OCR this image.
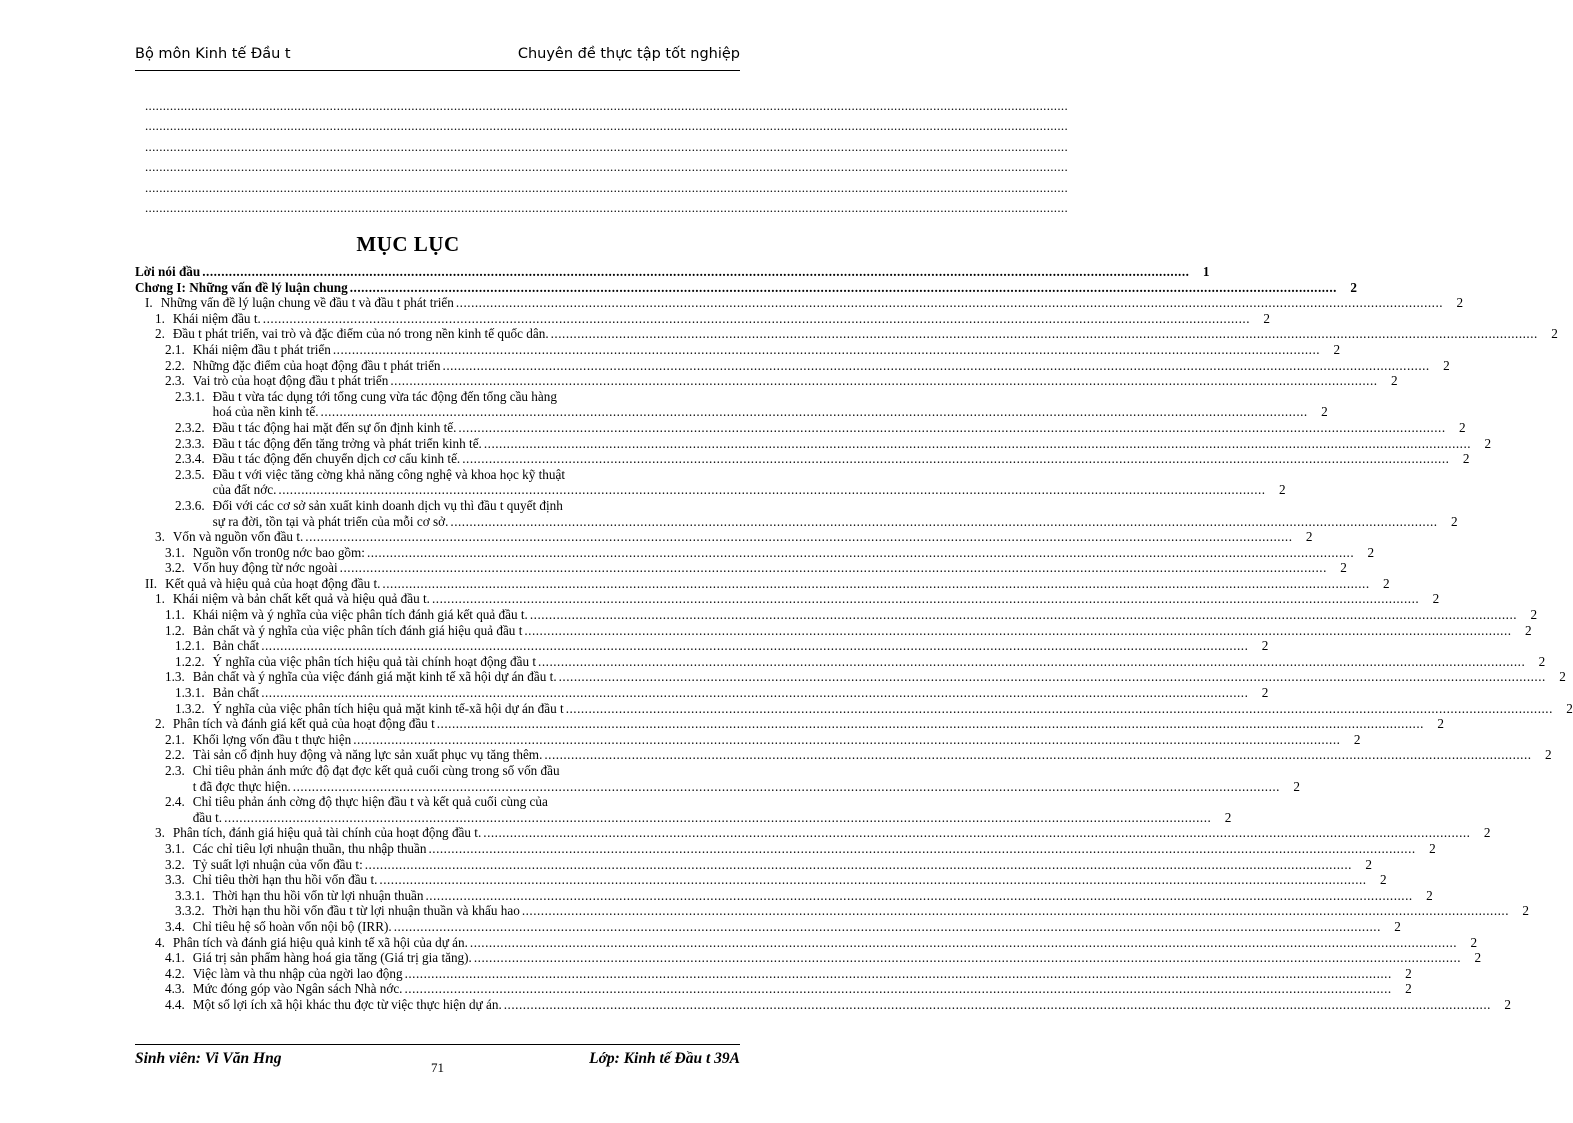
Bộ môn Kinh tế Đầu t	Chuyên đề thực tập tốt nghiệp
....................................................................................................................................................................................................................................................................
....................................................................................................................................................................................................................................................................
....................................................................................................................................................................................................................................................................
....................................................................................................................................................................................................................................................................
....................................................................................................................................................................................................................................................................
....................................................................................................................................................................................................................................................................
MỤC LỤC
Lời nói đầu ....................................................................................................................................................................................................................................................................	1
Chơng I: Những vấn đề lý luận chung ....................................................................................................................................................................................................................................................................	2
I. Những vấn đề lý luận chung về đầu t và đầu t phát triển ....................................................................................................................................................................................................................................................................	2
1. Khái niệm đầu t. ....................................................................................................................................................................................................................................................................	2
2. Đầu t phát triển, vai trò và đặc điểm của nó trong nền kinh tế quốc dân. ....................................................................................................................................................................................................................................................................	2
2.1. Khái niệm đầu t phát triển ....................................................................................................................................................................................................................................................................	2
2.2. Những đặc điểm của hoạt động đầu t phát triển ....................................................................................................................................................................................................................................................................	2
2.3. Vai trò của hoạt động đầu t phát triển ....................................................................................................................................................................................................................................................................	2
2.3.1. Đầu t vừa tác dụng tới tổng cung vừa tác động đến tổng cầu hàng
hoá của nền kinh tế. ....................................................................................................................................................................................................................................................................	2
2.3.2. Đầu t tác động hai mặt đến sự ổn định kinh tế. ....................................................................................................................................................................................................................................................................	2
2.3.3. Đầu t tác động đến tăng trởng và phát triển kinh tế. ....................................................................................................................................................................................................................................................................	2
2.3.4. Đầu t tác động đến chuyển dịch cơ cấu kinh tế. ....................................................................................................................................................................................................................................................................	2
2.3.5. Đầu t với việc tăng cờng khả năng công nghệ và khoa học kỹ thuật
của đất nớc. ....................................................................................................................................................................................................................................................................	2
2.3.6. Đối với các cơ sở sản xuất kinh doanh dịch vụ thì đầu t quyết định
sự ra đời, tồn tại và phát triển của mỗi cơ sở. ....................................................................................................................................................................................................................................................................	2
3. Vốn và nguồn vốn đầu t. ....................................................................................................................................................................................................................................................................	2
3.1. Nguồn vốn tron0g nớc bao gồm: ....................................................................................................................................................................................................................................................................	2
3.2. Vốn huy động từ nớc ngoài ....................................................................................................................................................................................................................................................................	2
II. Kết quả và hiệu quả của hoạt động đầu t. ....................................................................................................................................................................................................................................................................	2
1. Khái niệm và bản chất kết quả và hiệu quả đầu t. ....................................................................................................................................................................................................................................................................	2
1.1. Khái niệm và ý nghĩa của việc phân tích đánh giá kết quả đầu t. ....................................................................................................................................................................................................................................................................	2
1.2. Bản chất và ý nghĩa của việc phân tích đánh giá hiệu quả đầu t ....................................................................................................................................................................................................................................................................	2
1.2.1. Bản chất ....................................................................................................................................................................................................................................................................	2
1.2.2. Ý nghĩa của việc phân tích hiệu quả tài chính hoạt động đầu t ....................................................................................................................................................................................................................................................................	2
1.3. Bản chất và ý nghĩa của việc đánh giá mặt kinh tế xã hội dự án đầu t. ....................................................................................................................................................................................................................................................................	2
1.3.1. Bản chất ....................................................................................................................................................................................................................................................................	2
1.3.2. Ý nghĩa của việc phân tích hiệu quả mặt kinh tế-xã hội dự án đầu t ....................................................................................................................................................................................................................................................................	2
2. Phân tích và đánh giá kết quả của hoạt động đầu t ....................................................................................................................................................................................................................................................................	2
2.1. Khối lợng vốn đầu t thực hiện ....................................................................................................................................................................................................................................................................	2
2.2. Tài sản cố định huy động và năng lực sản xuất phục vụ tăng thêm. ....................................................................................................................................................................................................................................................................	2
2.3. Chỉ tiêu phản ánh mức độ đạt đợc kết quả cuối cùng trong số vốn đầu
t đã đợc thực hiện. ....................................................................................................................................................................................................................................................................	2
2.4. Chỉ tiêu phản ánh cờng độ thực hiện đầu t và kết quả cuối cùng của
đầu t. ....................................................................................................................................................................................................................................................................	2
3. Phân tích, đánh giá hiệu quả tài chính của hoạt động đầu t. ....................................................................................................................................................................................................................................................................	2
3.1. Các chỉ tiêu lợi nhuận thuần, thu nhập thuần ....................................................................................................................................................................................................................................................................	2
3.2. Tỷ suất lợi nhuận của vốn đầu t: ....................................................................................................................................................................................................................................................................	2
3.3. Chỉ tiêu thời hạn thu hồi vốn đầu t. ....................................................................................................................................................................................................................................................................	2
3.3.1. Thời hạn thu hồi vốn từ lợi nhuận thuần ....................................................................................................................................................................................................................................................................	2
3.3.2. Thời hạn thu hồi vốn đầu t từ lợi nhuận thuần và khấu hao ....................................................................................................................................................................................................................................................................	2
3.4. Chỉ tiêu hệ số hoàn vốn nội bộ (IRR). ....................................................................................................................................................................................................................................................................	2
4. Phân tích và đánh giá hiệu quả kinh tế xã hội của dự án. ....................................................................................................................................................................................................................................................................	2
4.1. Giá trị sản phẩm hàng hoá gia tăng (Giá trị gia tăng). ....................................................................................................................................................................................................................................................................	2
4.2. Việc làm và thu nhập của ngời lao động ....................................................................................................................................................................................................................................................................	2
4.3. Mức đóng góp vào Ngân sách Nhà nớc. ....................................................................................................................................................................................................................................................................	2
4.4. Một số lợi ích xã hội khác thu đợc từ việc thực hiện dự án. ....................................................................................................................................................................................................................................................................	2
Sinh viên: Vi Văn Hng
71
Lớp: Kinh tế Đầu t 39A
